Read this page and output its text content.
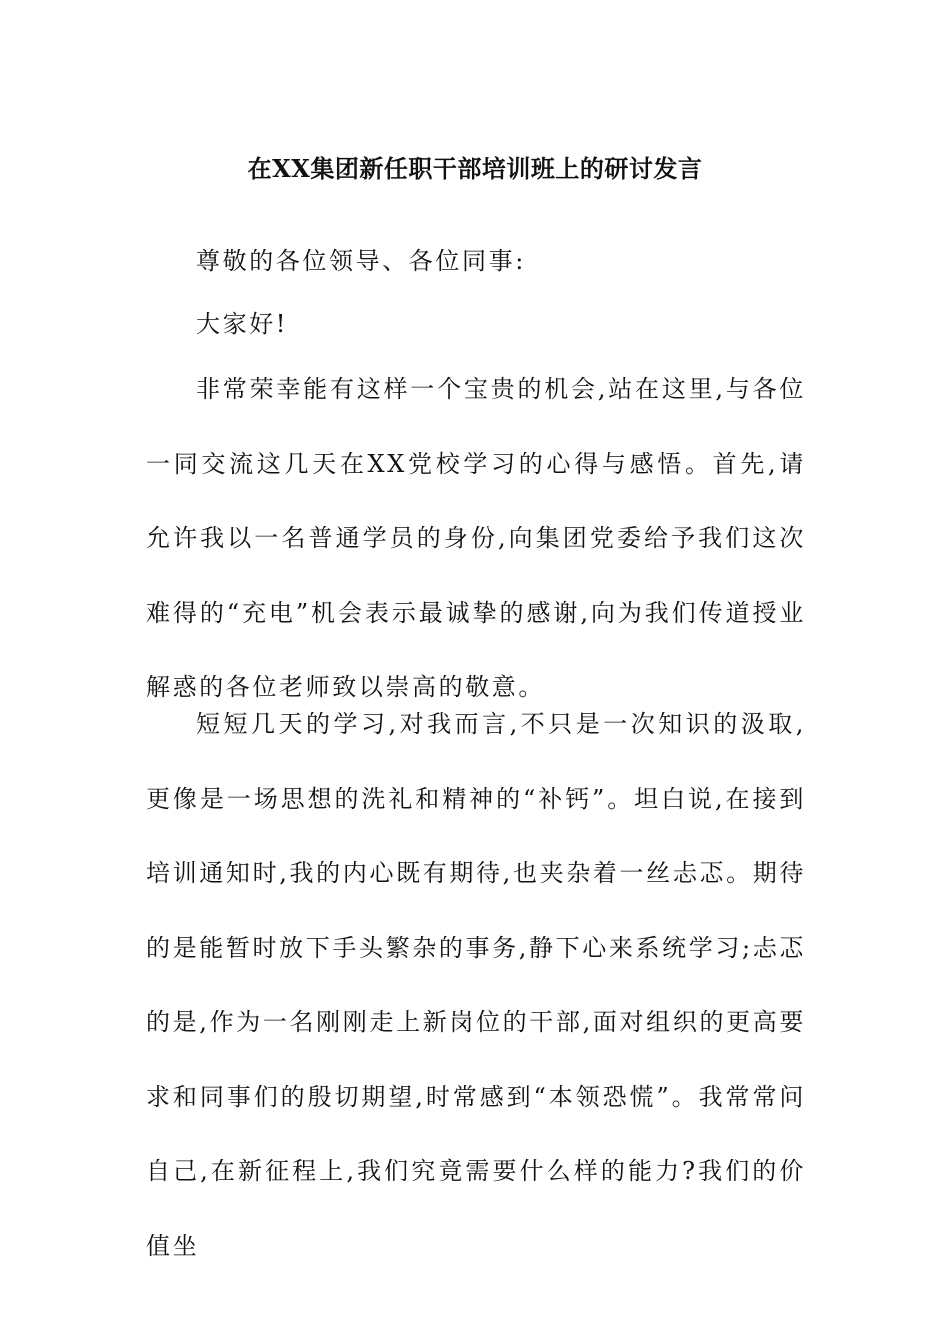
在XX集团新任职干部培训班上的研讨发言
尊敬的各位领导、各位同事:
大家好!

非常荣幸能有这样一个宝贵的机会,站在这里,与各位一同交流这几天在XX党校学习的心得与感悟。首先,请允许我以一名普通学员的身份,向集团党委给予我们这次难得的“充电”机会表示最诚挚的感谢,向为我们传道授业解惑的各位老师致以崇高的敬意。

短短几天的学习,对我而言,不只是一次知识的汲取,更像是一场思想的洗礼和精神的“补钙”。坦白说,在接到培训通知时,我的内心既有期待,也夹杂着一丝忐忑。期待的是能暂时放下手头繁杂的事务,静下心来系统学习;忐忑的是,作为一名刚刚走上新岗位的干部,面对组织的更高要求和同事们的殷切期望,时常感到“本领恐慌”。我常常问自己,在新征程上,我们究竟需要什么样的能力?我们的价值坐
